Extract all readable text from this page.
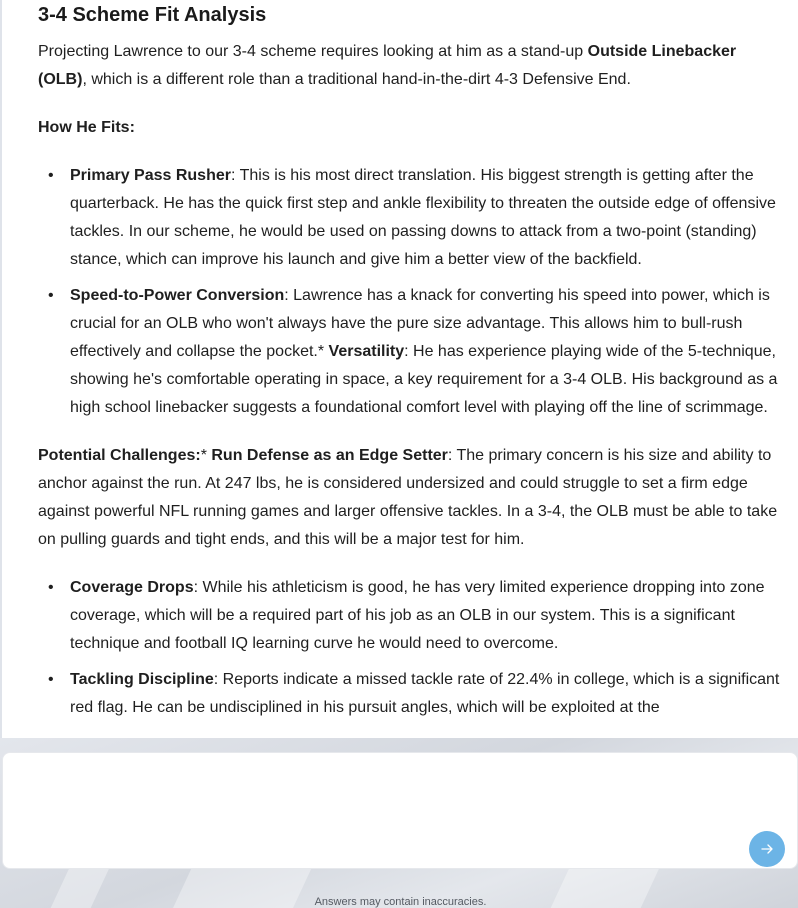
3-4 Scheme Fit Analysis

Projecting Lawrence to our 3-4 scheme requires looking at him as a stand-up Outside Linebacker (OLB), which is a different role than a traditional hand-in-the-dirt 4-3 Defensive End.

How He Fits:

• Primary Pass Rusher: This is his most direct translation. His biggest strength is getting after the quarterback. He has the quick first step and ankle flexibility to threaten the outside edge of offensive tackles. In our scheme, he would be used on passing downs to attack from a two-point (standing) stance, which can improve his launch and give him a better view of the backfield.
• Speed-to-Power Conversion: Lawrence has a knack for converting his speed into power, which is crucial for an OLB who won't always have the pure size advantage. This allows him to bull-rush effectively and collapse the pocket.* Versatility: He has experience playing wide of the 5-technique, showing he's comfortable operating in space, a key requirement for a 3-4 OLB. His background as a high school linebacker suggests a foundational comfort level with playing off the line of scrimmage.

Potential Challenges:* Run Defense as an Edge Setter: The primary concern is his size and ability to anchor against the run. At 247 lbs, he is considered undersized and could struggle to set a firm edge against powerful NFL running games and larger offensive tackles. In a 3-4, the OLB must be able to take on pulling guards and tight ends, and this will be a major test for him.

• Coverage Drops: While his athleticism is good, he has very limited experience dropping into zone coverage, which will be a required part of his job as an OLB in our system. This is a significant technique and football IQ learning curve he would need to overcome.
• Tackling Discipline: Reports indicate a missed tackle rate of 22.4% in college, which is a significant red flag. He can be undisciplined in his pursuit angles, which will be exploited at the
Answers may contain inaccuracies.
